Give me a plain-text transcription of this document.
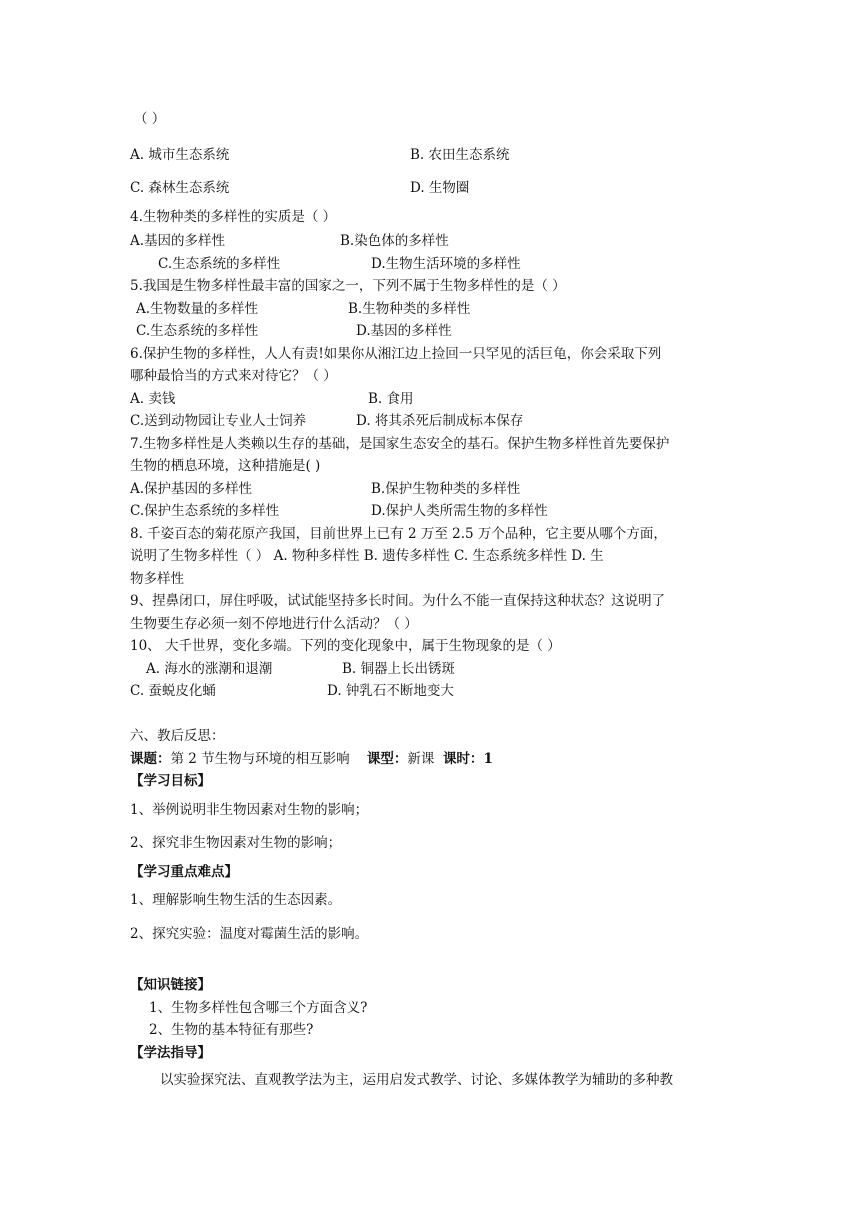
（ ）
A. 城市生态系统	B. 农田生态系统
C. 森林生态系统	D. 生物圈
4.生物种类的多样性的实质是（ ）
A.基因的多样性	B.染色体的多样性
C.生态系统的多样性	D.生物生活环境的多样性
5.我国是生物多样性最丰富的国家之一，下列不属于生物多样性的是（ ）
A.生物数量的多样性	B.生物种类的多样性
C.生态系统的多样性	D.基因的多样性
6.保护生物的多样性，人人有责!如果你从湘江边上捡回一只罕见的活巨龟，你会采取下列
哪种最恰当的方式来对待它？（ ）
A. 卖钱	B. 食用
C.送到动物园让专业人士饲养	D. 将其杀死后制成标本保存
7.生物多样性是人类赖以生存的基础，是国家生态安全的基石。保护生物多样性首先要保护
生物的栖息环境，这种措施是( )
A.保护基因的多样性	B.保护生物种类的多样性
C.保护生态系统的多样性	D.保护人类所需生物的多样性
8. 千姿百态的菊花原产我国，目前世界上已有 2 万至 2.5 万个品种，它主要从哪个方面，
说明了生物多样性（ ） A. 物种多样性 B. 遗传多样性 C. 生态系统多样性 D. 生
物多样性
9、捏鼻闭口，屏住呼吸，试试能坚持多长时间。为什么不能一直保持这种状态？这说明了
生物要生存必须一刻不停地进行什么活动？（ ）
10、 大千世界，变化多端。下列的变化现象中，属于生物现象的是（ ）
A. 海水的涨潮和退潮	B. 铜器上长出锈斑
C. 蚕蜕皮化蛹	D. 钟乳石不断地变大
六、教后反思：
课题：第 2 节生物与环境的相互影响 课型：新课 课时：1
【学习目标】
1、举例说明非生物因素对生物的影响；
2、探究非生物因素对生物的影响；
【学习重点难点】
1、理解影响生物生活的生态因素。
2、探究实验：温度对霉菌生活的影响。
【知识链接】
1、生物多样性包含哪三个方面含义?
2、生物的基本特征有那些?
【学法指导】
以实验探究法、直观教学法为主，运用启发式教学、讨论、多媒体教学为辅助的多种教
